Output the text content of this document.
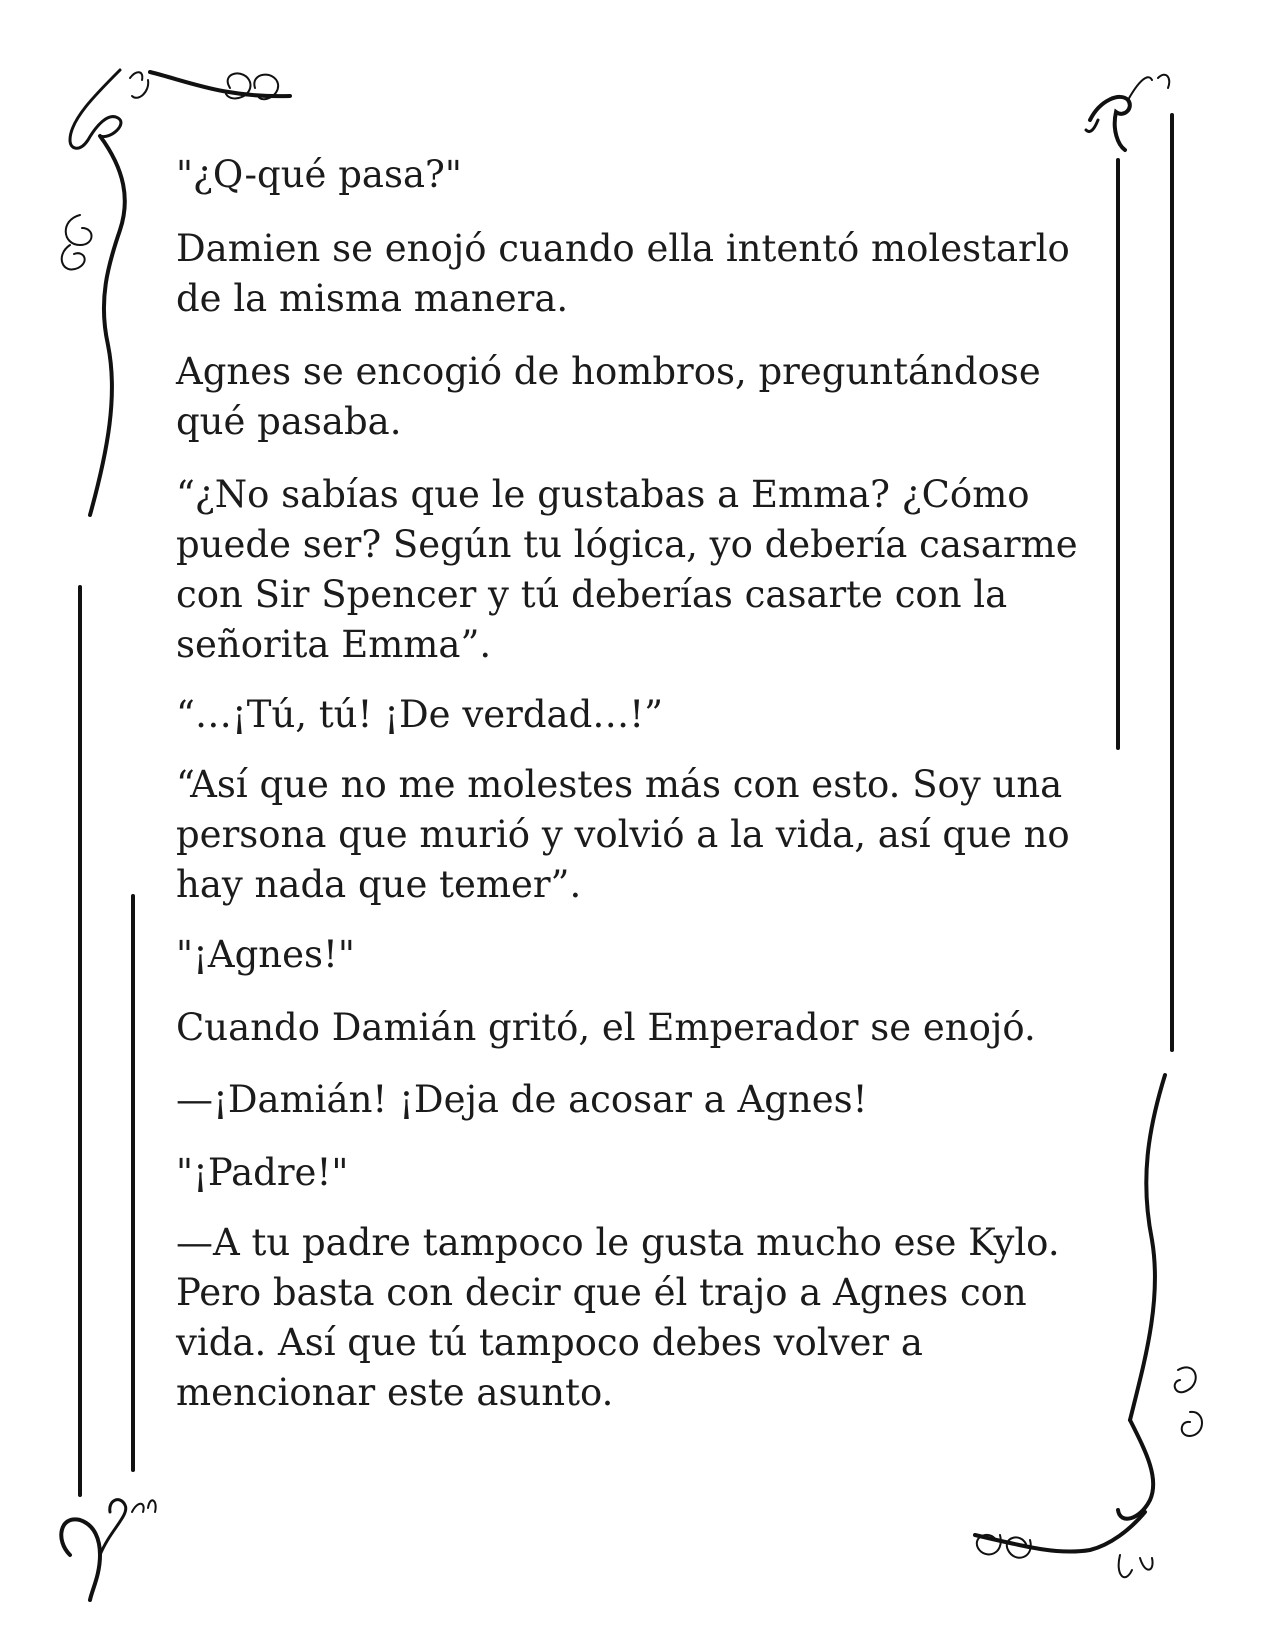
"¿Q-qué pasa?"

Damien se enojó cuando ella intentó molestarlo de la misma manera.

Agnes se encogió de hombros, preguntándose qué pasaba.

“¿No sabías que le gustabas a Emma? ¿Cómo puede ser? Según tu lógica, yo debería casarme con Sir Spencer y tú deberías casarte con la señorita Emma”.

“…¡Tú, tú! ¡De verdad…!”

“Así que no me molestes más con esto. Soy una persona que murió y volvió a la vida, así que no hay nada que temer”.

"¡Agnes!"

Cuando Damián gritó, el Emperador se enojó.

—¡Damián! ¡Deja de acosar a Agnes!

"¡Padre!"

—A tu padre tampoco le gusta mucho ese Kylo. Pero basta con decir que él trajo a Agnes con vida. Así que tú tampoco debes volver a mencionar este asunto.
